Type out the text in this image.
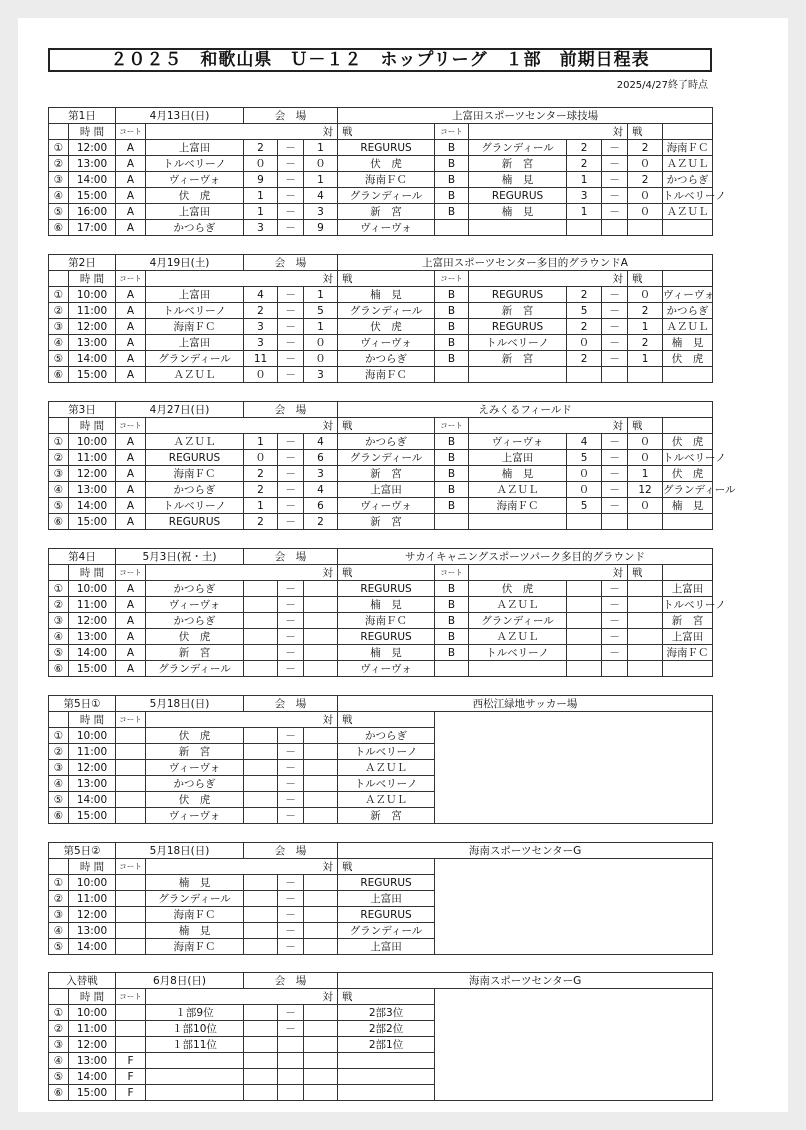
２０２５　和歌山県　Ｕ－１２　ホップリーグ　１部　前期日程表
2025/4/27終了時点
第1日		4月13日(日)		会　場			上富田スポーツセンター球技場						
	時 間	コート	対				戦	コート	対			戦	
①	12:00	A	上富田	2	－	1	REGURUS	B	グランディール	2	－	2	海南ＦＣ
②	13:00	A	トルベリーノ	０	－	０	伏　虎	B	新　宮	2	－	０	ＡＺＵＬ
③	14:00	A	ヴィーヴォ	9	－	1	海南ＦＣ	B	楠　見	1	－	2	かつらぎ
④	15:00	A	伏　虎	1	－	4	グランディール	B	REGURUS	3	－	０	トルベリーノ
⑤	16:00	A	上富田	1	－	3	新　宮	B	楠　見	1	－	０	ＡＺＵＬ
⑥	17:00	A	かつらぎ	3	－	9	ヴィーヴォ						
第2日		4月19日(土)		会　場			上富田スポーツセンター多目的グラウンドA						
	時 間	コート	対				戦	コート	対			戦	
①	10:00	A	上富田	4	－	1	楠　見	B	REGURUS	2	－	０	ヴィーヴォ
②	11:00	A	トルベリーノ	2	－	5	グランディール	B	新　宮	5	－	2	かつらぎ
③	12:00	A	海南ＦＣ	3	－	1	伏　虎	B	REGURUS	2	－	1	ＡＺＵＬ
④	13:00	A	上富田	3	－	０	ヴィーヴォ	B	トルベリーノ	０	－	2	楠　見
⑤	14:00	A	グランディール	11	－	０	かつらぎ	B	新　宮	2	－	1	伏　虎
⑥	15:00	A	ＡＺＵＬ	０	－	3	海南ＦＣ						
第3日		4月27日(日)		会　場			えみくるフィールド						
	時 間	コート	対				戦	コート	対			戦	
①	10:00	A	ＡＺＵＬ	1	－	4	かつらぎ	B	ヴィーヴォ	4	－	０	伏　虎
②	11:00	A	REGURUS	０	－	6	グランディール	B	上富田	5	－	０	トルベリーノ
③	12:00	A	海南ＦＣ	2	－	3	新　宮	B	楠　見	０	－	1	伏　虎
④	13:00	A	かつらぎ	2	－	4	上富田	B	ＡＺＵＬ	０	－	12	グランディール
⑤	14:00	A	トルベリーノ	1	－	6	ヴィーヴォ	B	海南ＦＣ	5	－	０	楠　見
⑥	15:00	A	REGURUS	2	－	2	新　宮						
第4日		5月3日(祝・土)		会　場			サカイキャニングスポーツパーク多目的グラウンド						
	時 間	コート	対				戦	コート	対			戦	
①	10:00	A	かつらぎ		－		REGURUS	B	伏　虎		－		上富田
②	11:00	A	ヴィーヴォ		－		楠　見	B	ＡＺＵＬ		－		トルベリーノ
③	12:00	A	かつらぎ		－		海南ＦＣ	B	グランディール		－		新　宮
④	13:00	A	伏　虎		－		REGURUS	B	ＡＺＵＬ		－		上富田
⑤	14:00	A	新　宮		－		楠　見	B	トルベリーノ		－		海南ＦＣ
⑥	15:00	A	グランディール		－		ヴィーヴォ						
第5日①		5月18日(日)		会　場			西松江緑地サッカー場	
	時 間	コート	対				戦	
①	10:00		伏　虎		－		かつらぎ	
②	11:00		新　宮		－		トルベリーノ	
③	12:00		ヴィーヴォ		－		ＡＺＵＬ	
④	13:00		かつらぎ		－		トルベリーノ	
⑤	14:00		伏　虎		－		ＡＺＵＬ	
⑥	15:00		ヴィーヴォ		－		新　宮	
第5日②		5月18日(日)		会　場			海南スポーツセンターG	
	時 間	コート	対				戦	
①	10:00		楠　見		－		REGURUS	
②	11:00		グランディール		－		上富田	
③	12:00		海南ＦＣ		－		REGURUS	
④	13:00		楠　見		－		グランディール	
⑤	14:00		海南ＦＣ		－		上富田	
入替戦		6月8日(日)		会　場			海南スポーツセンターG	
	時 間	コート	対				戦	
①	10:00		１部9位		－		2部3位	
②	11:00		１部10位		－		2部2位	
③	12:00		１部11位				2部1位	
④	13:00	F						
⑤	14:00	F						
⑥	15:00	F						
